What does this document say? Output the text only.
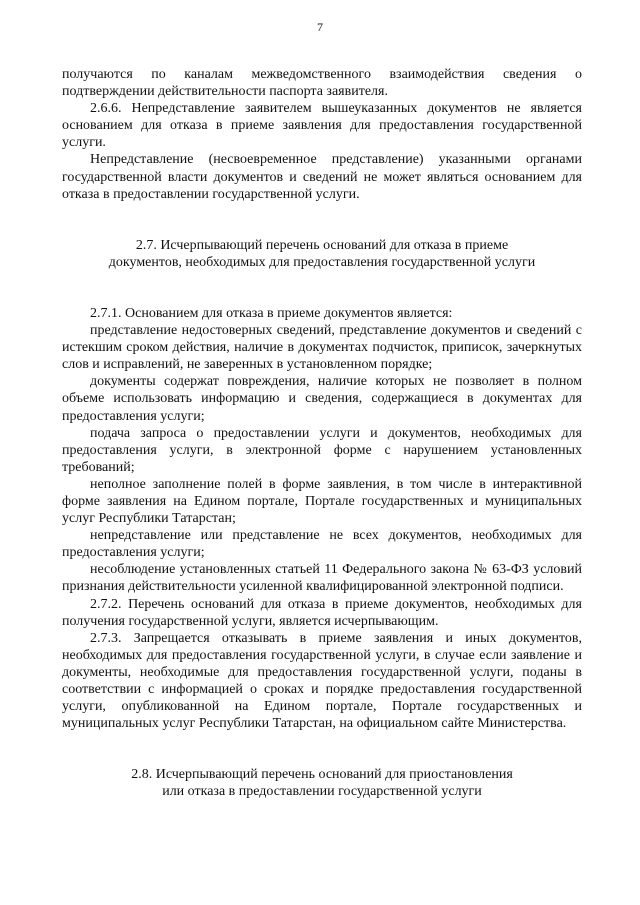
7

получаются по каналам межведомственного взаимодействия сведения о подтверждении действительности паспорта заявителя.

2.6.6. Непредставление заявителем вышеуказанных документов не является основанием для отказа в приеме заявления для предоставления государственной услуги.

Непредставление (несвоевременное представление) указанными органами государственной власти документов и сведений не может являться основанием для отказа в предоставлении государственной услуги.

2.7. Исчерпывающий перечень оснований для отказа в приеме
документов, необходимых для предоставления государственной услуги

2.7.1. Основанием для отказа в приеме документов является:

представление недостоверных сведений, представление документов и сведений с истекшим сроком действия, наличие в документах подчисток, приписок, зачеркнутых слов и исправлений, не заверенных в установленном порядке;

документы содержат повреждения, наличие которых не позволяет в полном объеме использовать информацию и сведения, содержащиеся в документах для предоставления услуги;

подача запроса о предоставлении услуги и документов, необходимых для предоставления услуги, в электронной форме с нарушением установленных требований;

неполное заполнение полей в форме заявления, в том числе в интерактивной форме заявления на Едином портале, Портале государственных и муниципальных услуг Республики Татарстан;

непредставление или представление не всех документов, необходимых для предоставления услуги;

несоблюдение установленных статьей 11 Федерального закона № 63-ФЗ условий признания действительности усиленной квалифицированной электронной подписи.

2.7.2. Перечень оснований для отказа в приеме документов, необходимых для получения государственной услуги, является исчерпывающим.

2.7.3. Запрещается отказывать в приеме заявления и иных документов, необходимых для предоставления государственной услуги, в случае если заявление и документы, необходимые для предоставления государственной услуги, поданы в соответствии с информацией о сроках и порядке предоставления государственной услуги, опубликованной на Едином портале, Портале государственных и муниципальных услуг Республики Татарстан, на официальном сайте Министерства.

2.8. Исчерпывающий перечень оснований для приостановления
или отказа в предоставлении государственной услуги
